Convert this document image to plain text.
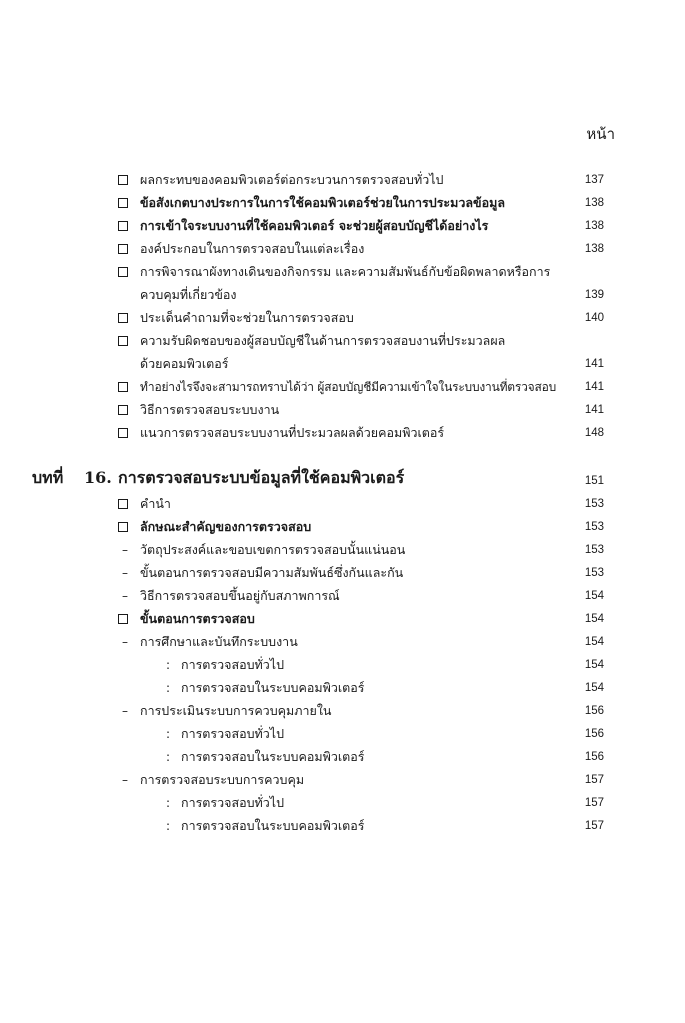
หน้า
ผลกระทบของคอมพิวเตอร์ต่อกระบวนการตรวจสอบทั่วไป	137
ข้อสังเกตบางประการในการใช้คอมพิวเตอร์ช่วยในการประมวลข้อมูล	138
การเข้าใจระบบงานที่ใช้คอมพิวเตอร์ จะช่วยผู้สอบบัญชีได้อย่างไร	138
องค์ประกอบในการตรวจสอบในแต่ละเรื่อง	138
การพิจารณาผังทางเดินของกิจกรรม และความสัมพันธ์กับข้อผิดพลาดหรือการ
ควบคุมที่เกี่ยวข้อง	139
ประเด็นคำถามที่จะช่วยในการตรวจสอบ	140
ความรับผิดชอบของผู้สอบบัญชีในด้านการตรวจสอบงานที่ประมวลผล
ด้วยคอมพิวเตอร์	141
ทำอย่างไรจึงจะสามารถทราบได้ว่า ผู้สอบบัญชีมีความเข้าใจในระบบงานที่ตรวจสอบ 141
วิธีการตรวจสอบระบบงาน	141
แนวการตรวจสอบระบบงานที่ประมวลผลด้วยคอมพิวเตอร์	148
บทที่ 16. การตรวจสอบระบบข้อมูลที่ใช้คอมพิวเตอร์	151
คำนำ	153
ลักษณะสำคัญของการตรวจสอบ	153
– วัตถุประสงค์และขอบเขตการตรวจสอบนั้นแน่นอน	153
– ขั้นตอนการตรวจสอบมีความสัมพันธ์ซึ่งกันและกัน	153
– วิธีการตรวจสอบขึ้นอยู่กับสภาพการณ์	154
ขั้นตอนการตรวจสอบ	154
– การศึกษาและบันทึกระบบงาน	154
: การตรวจสอบทั่วไป	154
: การตรวจสอบในระบบคอมพิวเตอร์	154
– การประเมินระบบการควบคุมภายใน	156
: การตรวจสอบทั่วไป	156
: การตรวจสอบในระบบคอมพิวเตอร์	156
– การตรวจสอบระบบการควบคุม	157
: การตรวจสอบทั่วไป	157
: การตรวจสอบในระบบคอมพิวเตอร์	157
